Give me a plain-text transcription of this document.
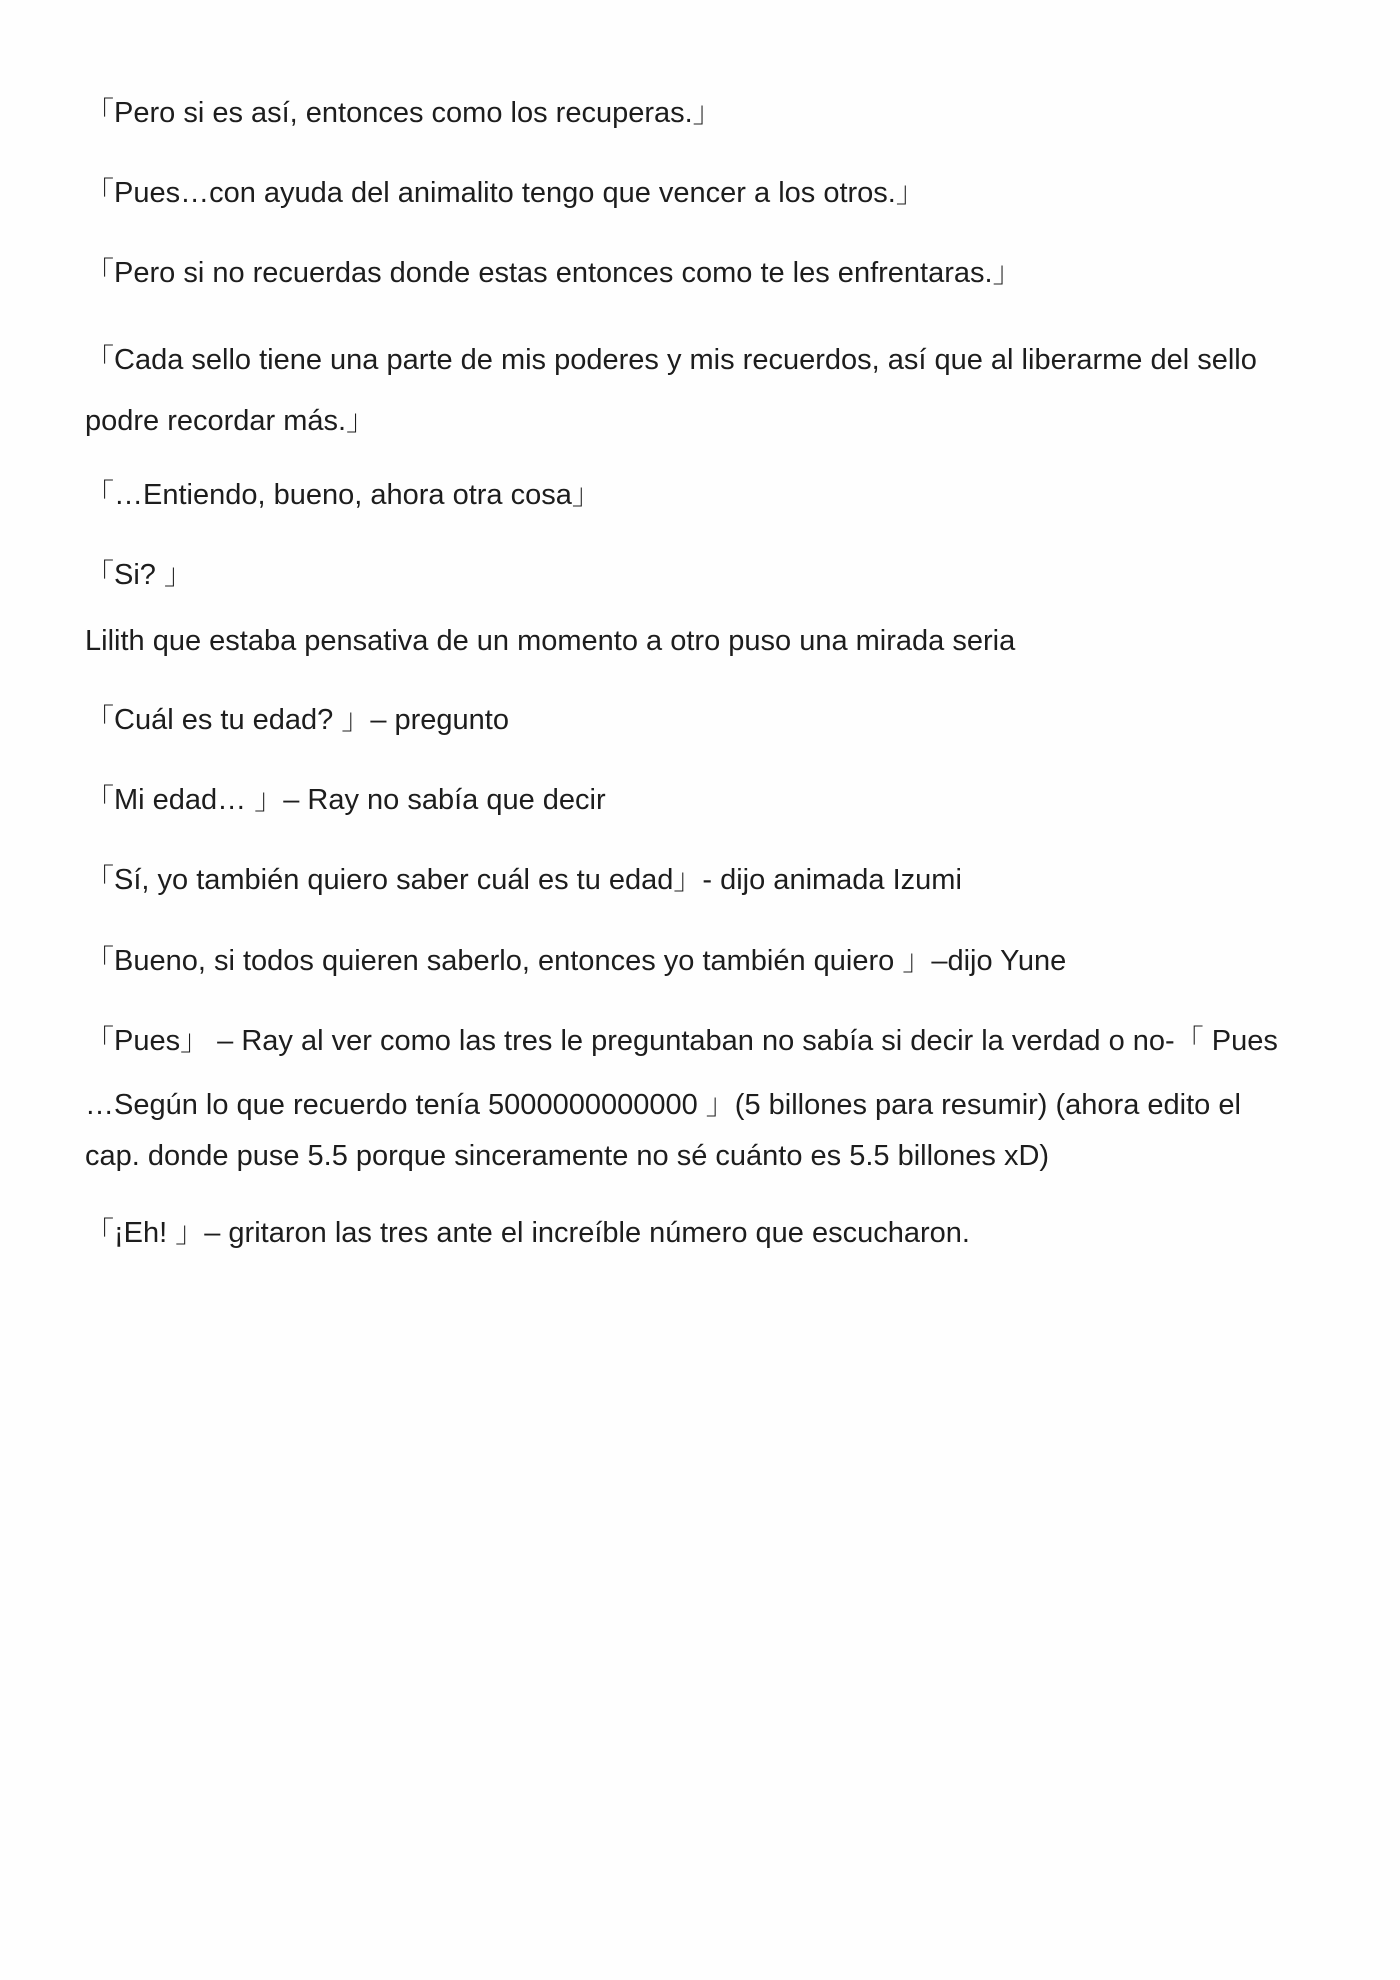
「Pero si es así, entonces como los recuperas.」

「Pues…con ayuda del animalito tengo que vencer a los otros.」

「Pero si no recuerdas donde estas entonces como te les enfrentaras.」

「Cada sello tiene una parte de mis poderes y mis recuerdos, así que al liberarme del sello podre recordar más.」

「…Entiendo, bueno, ahora otra cosa」

「Si? 」

Lilith que estaba pensativa de un momento a otro puso una mirada seria

「Cuál es tu edad? 」– pregunto

「Mi edad… 」– Ray no sabía que decir

「Sí, yo también quiero saber cuál es tu edad」- dijo animada Izumi

「Bueno, si todos quieren saberlo, entonces yo también quiero 」–dijo Yune

「Pues」 – Ray al ver como las tres le preguntaban no sabía si decir la verdad o no-「 Pues

…Según lo que recuerdo tenía 5000000000000 」(5 billones para resumir) (ahora edito el cap. donde puse 5.5 porque sinceramente no sé cuánto es 5.5 billones xD)

「¡Eh! 」– gritaron las tres ante el increíble número que escucharon.
